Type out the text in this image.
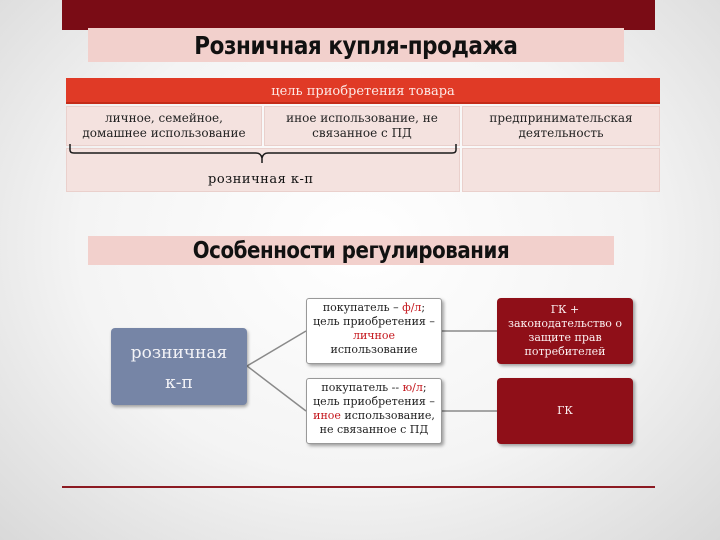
Розничная купля-продажа
цель приобретения товара
личное, семейное, домашнее использование
иное использование, не связанное с ПД
предпринимательская деятельность
розничная к-п
Особенности регулирования
розничная
к-п
покупатель – ф/л;
цель приобретения –
личное
использование
покупатель -- ю/л;
цель приобретения –
иное использование, не связанное с ПД
ГК + законодательство о защите прав потребителей
ГК
